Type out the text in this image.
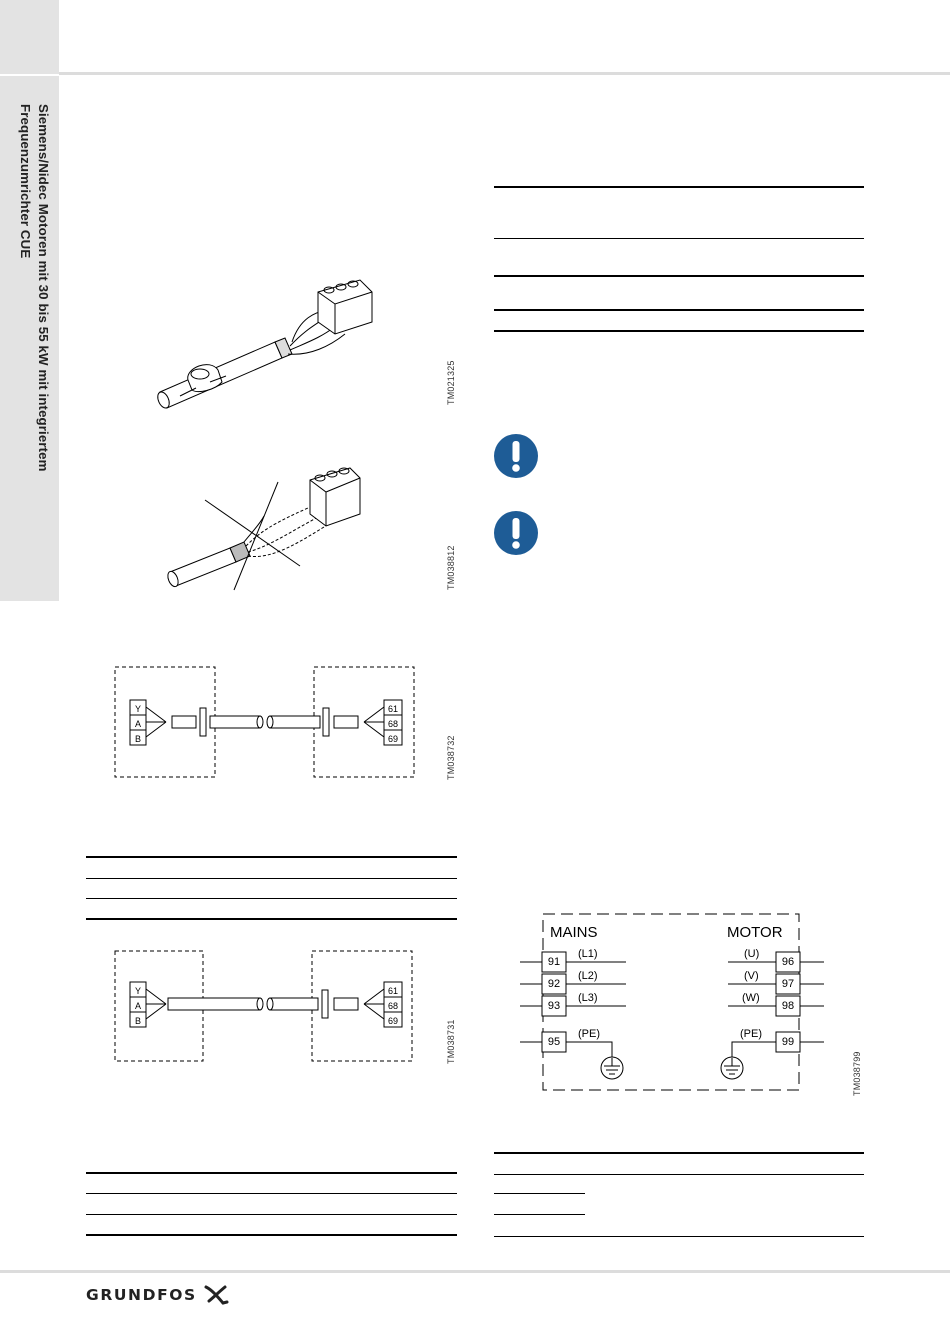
Siemens/Nidec Motoren mit 30 bis 55 kW mit integriertem
Frequenzumrichter CUE
TM021325
TM038812
Y
A
B
61
68
69	TM038732
Y
A
B
61
68
69	TM038731
MAINS	MOTOR
91
92
93
95
(L1)
(L2)
(L3)
(PE)
96
97
98
99
(U)
(V)
(W)
(PE)
TM038799
GRUNDFOS
